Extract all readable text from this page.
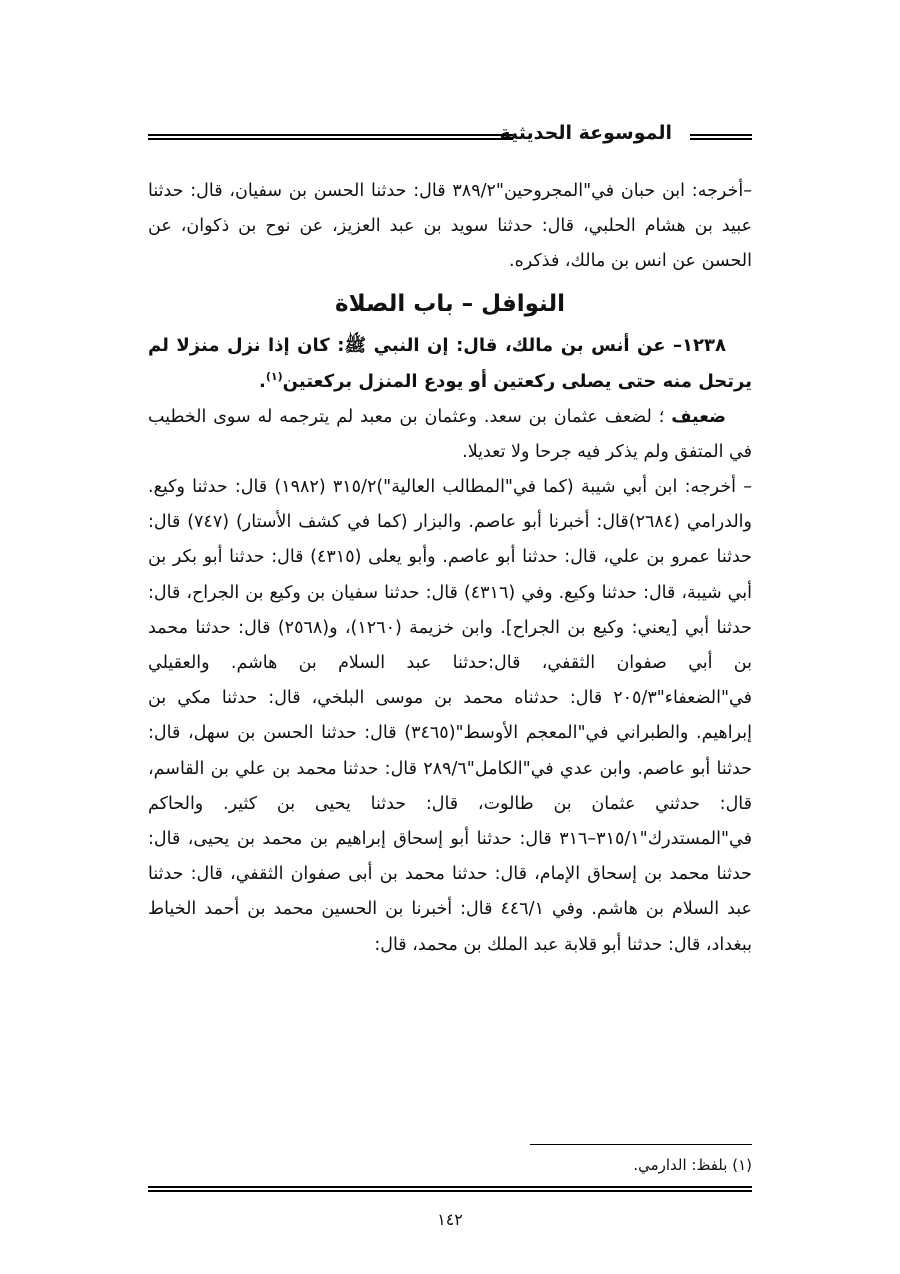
الموسوعة الحديثية

–أخرجه: ابن حبان في"المجروحين"٣٨٩/٢ قال: حدثنا الحسن بن سفيان، قال: حدثنا عبيد بن هشام الحلبي، قال: حدثنا سويد بن عبد العزيز، عن نوح بن ذكوان، عن الحسن عن انس بن مالك، فذكره.

النوافل – باب الصلاة

١٢٣٨– عن أنس بن مالك، قال: إن النبي ﷺ: كان إذا نزل منزلا لم يرتحل منه حتى يصلى ركعتين أو يودع المنزل بركعتين$^{(١)}$.

ضعيف ؛ لضعف عثمان بن سعد. وعثمان بن معبد لم يترجمه له سوى الخطيب في المتفق ولم يذكر فيه جرحا ولا تعديلا.

– أخرجه: ابن أبي شيبة (كما في"المطالب العالية")٣١٥/٢ (١٩٨٢) قال: حدثنا وكيع. والدرامي (٢٦٨٤)قال: أخبرنا أبو عاصم. والبزار (كما في كشف الأستار) (٧٤٧) قال: حدثنا عمرو بن علي، قال: حدثنا أبو عاصم. وأبو يعلى (٤٣١٥) قال: حدثنا أبو بكر بن أبي شيبة، قال: حدثنا وكيع. وفي (٤٣١٦) قال: حدثنا سفيان بن وكيع بن الجراح، قال: حدثنا أبي [يعني: وكيع بن الجراح]. وابن خزيمة (١٢٦٠)، و(٢٥٦٨) قال: حدثنا محمد بن أبي صفوان الثقفي، قال:حدثنا عبد السلام بن هاشم. والعقيلي في"الضعفاء"٢٠٥/٣ قال: حدثناه محمد بن موسى البلخي، قال: حدثنا مكي بن إبراهيم. والطبراني في"المعجم الأوسط"(٣٤٦٥) قال: حدثنا الحسن بن سهل، قال: حدثنا أبو عاصم. وابن عدي في"الكامل"٢٨٩/٦ قال: حدثنا محمد بن علي بن القاسم، قال: حدثني عثمان بن طالوت، قال: حدثنا يحيى بن كثير. والحاكم في"المستدرك"٣١٥/١–٣١٦ قال: حدثنا أبو إسحاق إبراهيم بن محمد بن يحيى، قال: حدثنا محمد بن إسحاق الإمام، قال: حدثنا محمد بن أبى صفوان الثقفي، قال: حدثنا عبد السلام بن هاشم. وفي ٤٤٦/١ قال: أخبرنا بن الحسين محمد بن أحمد الخياط ببغداد، قال: حدثنا أبو قلابة عبد الملك بن محمد، قال:

(١) بلفظ: الدارمي.
١٤٢
